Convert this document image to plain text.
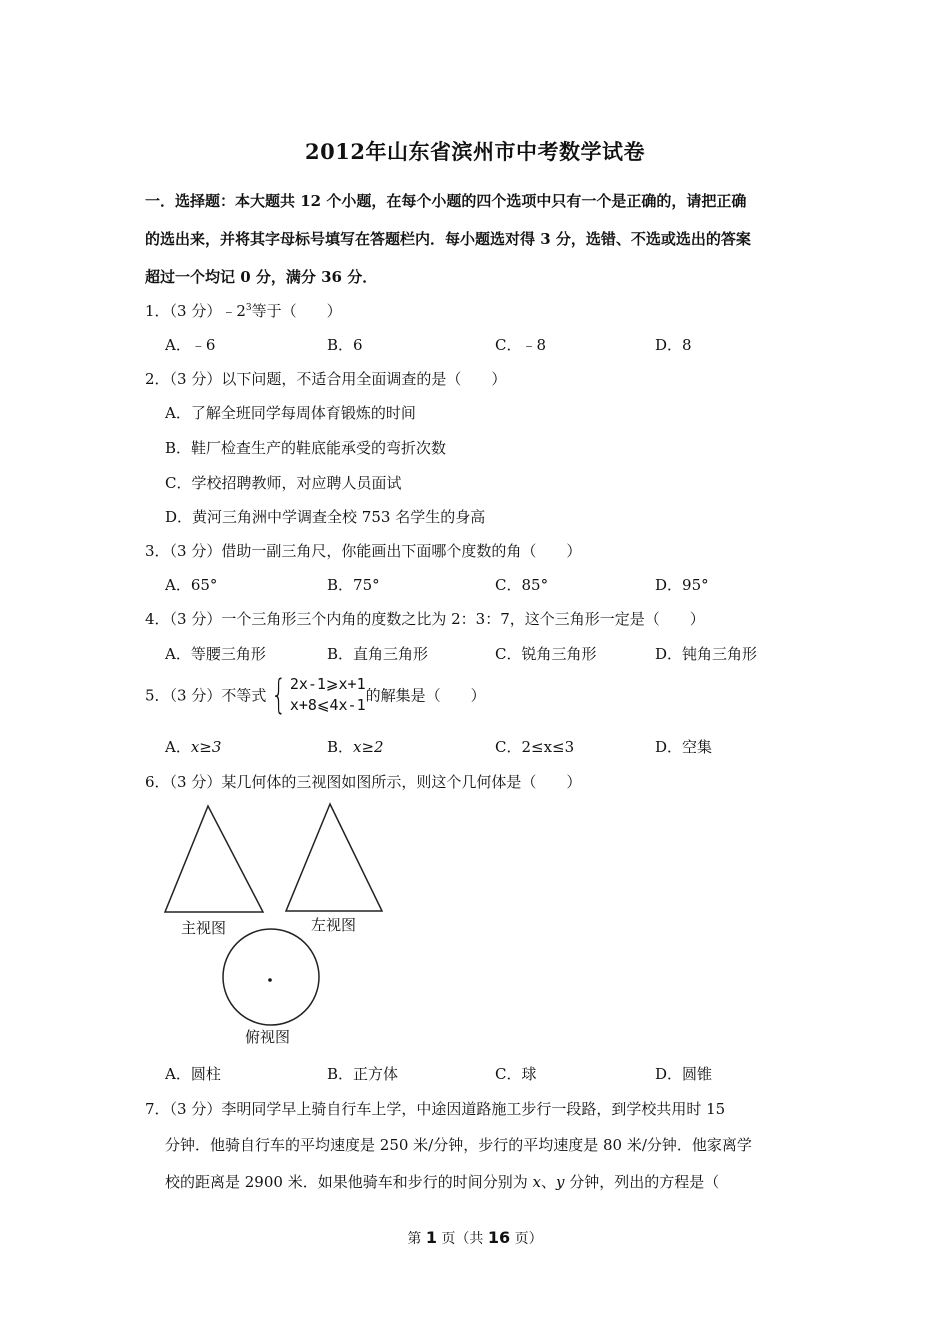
2012年山东省滨州市中考数学试卷
一．选择题：本大题共 12 个小题，在每个小题的四个选项中只有一个是正确的，请把正确
的选出来，并将其字母标号填写在答题栏内．每小题选对得 3 分，选错、不选或选出的答案
超过一个均记 0 分，满分 36 分．
1．（3 分）$﹣2^3$等于（　　）
A．﹣6	B．6	C．﹣8	D．8
2．（3 分）以下问题，不适合用全面调查的是（　　）
A．了解全班同学每周体育锻炼的时间
B．鞋厂检查生产的鞋底能承受的弯折次数
C．学校招聘教师，对应聘人员面试
D．黄河三角洲中学调查全校 753 名学生的身高
3．（3 分）借助一副三角尺，你能画出下面哪个度数的角（　　）
A．65°	B．75°	C．85°	D．95°
4．（3 分）一个三角形三个内角的度数之比为 2：3：7，这个三角形一定是（　　）
A．等腰三角形	B．直角三角形	C．锐角三角形	D．钝角三角形
5．（3 分）不等式 { 2x-1⩾x+1
x+8⩽4x-1
的解集是（　　）
A．x≥3	B．x≥2	C．2≤x≤3	D．空集
6．（3 分）某几何体的三视图如图所示，则这个几何体是（　　）
主视图	左视图
俯视图
A．圆柱	B．正方体	C．球	D．圆锥
7．（3 分）李明同学早上骑自行车上学，中途因道路施工步行一段路，到学校共用时 15
分钟．他骑自行车的平均速度是 250 米/分钟，步行的平均速度是 80 米/分钟．他家离学
校的距离是 2900 米．如果他骑车和步行的时间分别为 x、y 分钟，列出的方程是（
第 1 页（共 16 页）
